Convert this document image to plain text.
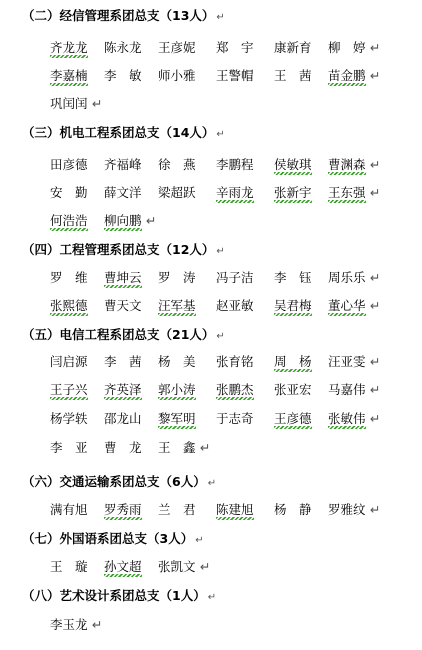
（二）经信管理系团总支（13人） ↵
齐龙龙 陈永龙 王彦妮 郑　宇 康新育 柳　婷 ↵
李嘉楠 李　敏 师小雅 王警帽 王　茜 苗金鹏 ↵
巩闰闰 ↵
（三）机电工程系团总支（14人） ↵
田彦德 齐福峰 徐　燕 李鹏程 侯敏琪 曹渊森 ↵
安　勤 薛文洋 梁超跃 辛雨龙 张新宇 王东强 ↵
何浩浩 柳向鹏 ↵
（四）工程管理系团总支（12人） ↵
罗　维 曹坤云 罗　涛 冯子洁 李　钰 周乐乐 ↵
张熙德 曹天文 汪军基 赵亚敏 吴君梅 董心华 ↵
（五）电信工程系团总支（21人） ↵
闫启源 李　茜 杨　美 张育铭 周　杨 汪亚雯 ↵
王子兴 齐英泽 郭小涛 张鹏杰 张亚宏 马嘉伟 ↵
杨学轶 邵龙山 黎军明 于志奇 王彦德 张敏伟 ↵
李　亚 曹　龙 王　鑫 ↵
（六）交通运输系团总支（6人） ↵
满有旭 罗秀雨 兰　君 陈建旭 杨　静 罗雅纹 ↵
（七）外国语系团总支（3人） ↵
王　璇 孙文超 张凯文 ↵
（八）艺术设计系团总支（1人） ↵
李玉龙 ↵
